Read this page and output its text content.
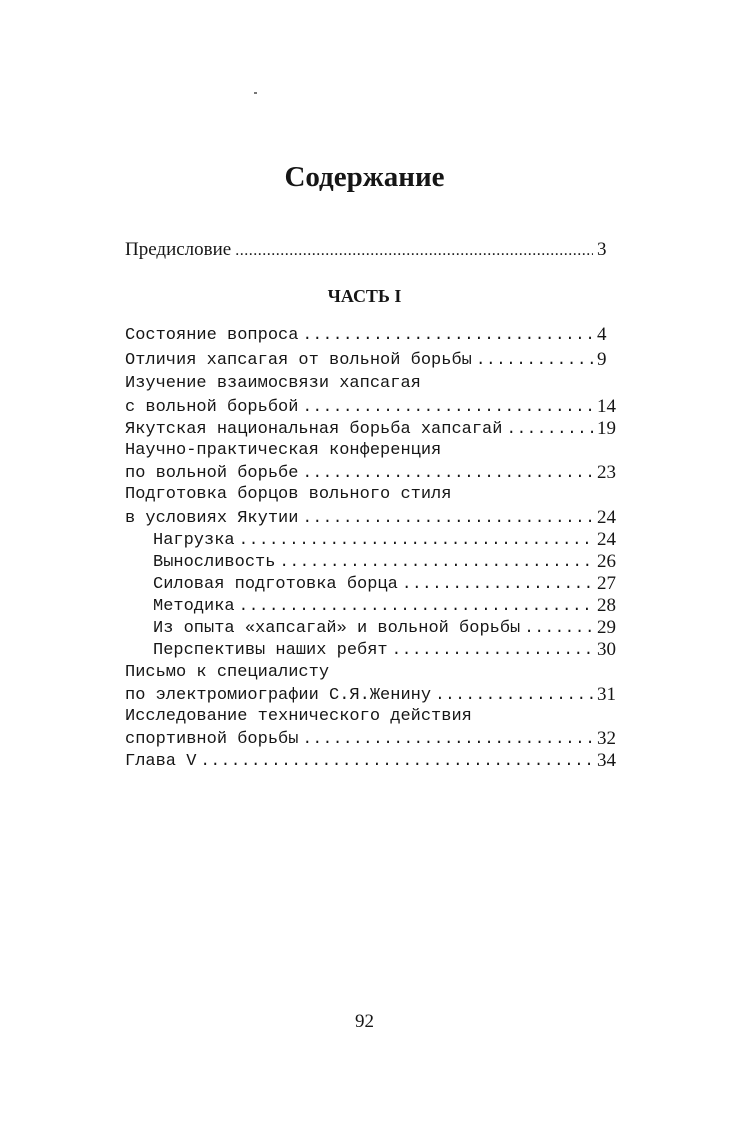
Содержание
Предисловие .....	3
ЧАСТЬ I
Состояние вопроса .....	4
Отличия хапсагая от вольной борьбы .....	9
Изучение взаимосвязи хапсагая
с вольной борьбой .....	14
Якутская национальная борьба хапсагай .....	19
Научно-практическая конференция
по вольной борьбе .....	23
Подготовка борцов вольного стиля
в условиях Якутии .....	24
Нагрузка .....	24
Выносливость .....	26
Силовая подготовка борца .....	27
Методика .....	28
Из опыта «хапсагай» и вольной борьбы .....	29
Перспективы наших ребят .....	30
Письмо к специалисту
по электромиографии С.Я.Женину .....	31
Исследование технического действия
спортивной борьбы .....	32
Глава V .....	34
92
